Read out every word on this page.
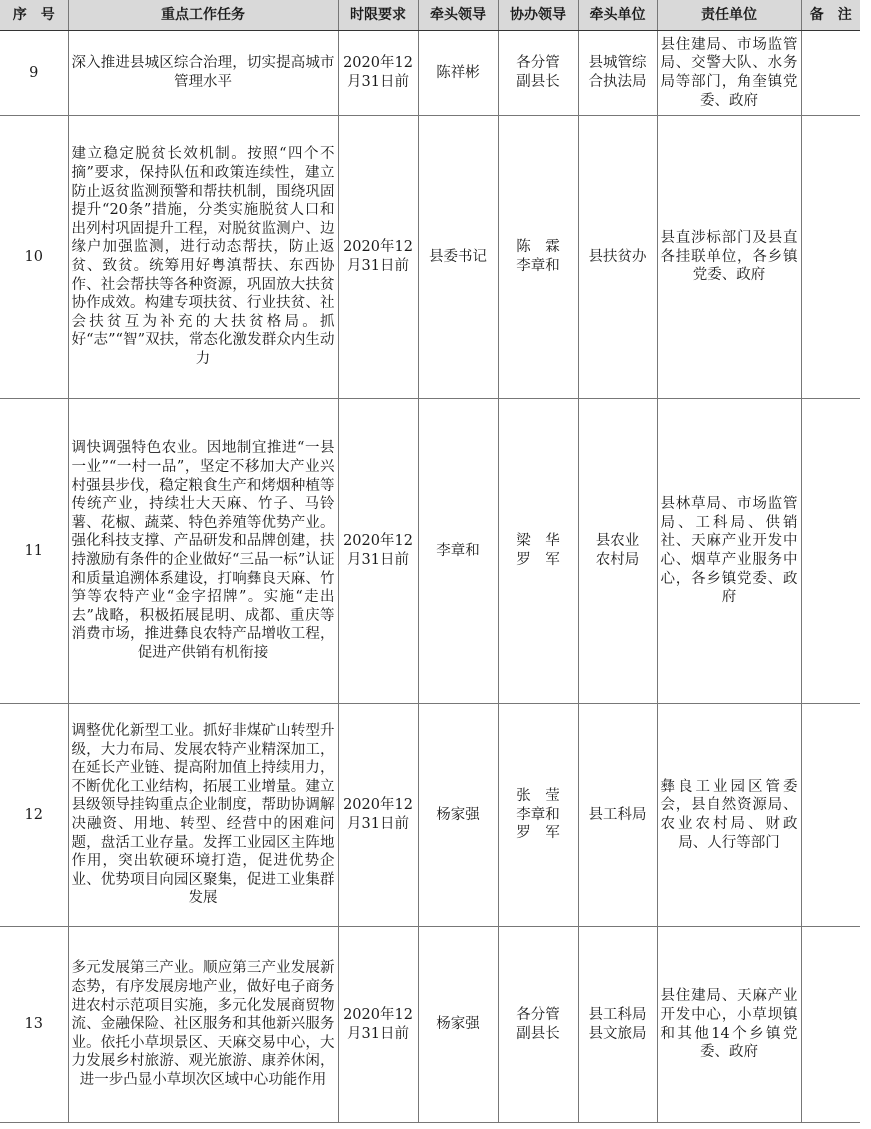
序　号	重点工作任务	时限要求	牵头领导	协办领导	牵头单位	责任单位	备　注
9	深入推进县城区综合治理，切实提高城市管理水平	2020年12
月31日前	陈祥彬	各分管
副县长	县城管综
合执法局	县住建局、市场监管局、交警大队、水务局等部门，角奎镇党委、政府	
10	建立稳定脱贫长效机制。按照“四个不摘”要求，保持队伍和政策连续性，建立防止返贫监测预警和帮扶机制，围绕巩固提升“20条”措施，分类实施脱贫人口和出列村巩固提升工程，对脱贫监测户、边缘户加强监测，进行动态帮扶，防止返贫、致贫。统筹用好粤滇帮扶、东西协作、社会帮扶等各种资源，巩固放大扶贫协作成效。构建专项扶贫、行业扶贫、社会扶贫互为补充的大扶贫格局。抓好“志”“智”双扶，常态化激发群众内生动力	2020年12
月31日前	县委书记	陈　霖
李章和	县扶贫办	县直涉标部门及县直各挂联单位，各乡镇党委、政府	
11	调快调强特色农业。因地制宜推进“一县一业”“一村一品”，坚定不移加大产业兴村强县步伐，稳定粮食生产和烤烟种植等传统产业，持续壮大天麻、竹子、马铃薯、花椒、蔬菜、特色养殖等优势产业。强化科技支撑、产品研发和品牌创建，扶持激励有条件的企业做好“三品一标”认证和质量追溯体系建设，打响彝良天麻、竹笋等农特产业“金字招牌”。实施“走出去”战略，积极拓展昆明、成都、重庆等消费市场，推进彝良农特产品增收工程，促进产供销有机衔接	2020年12
月31日前	李章和	梁　华
罗　军	县农业
农村局	县林草局、市场监管局、工科局、供销社、天麻产业开发中心、烟草产业服务中心，各乡镇党委、政府	
12	调整优化新型工业。抓好非煤矿山转型升级，大力布局、发展农特产业精深加工，在延长产业链、提高附加值上持续用力，不断优化工业结构，拓展工业增量。建立县级领导挂钩重点企业制度，帮助协调解决融资、用地、转型、经营中的困难问题，盘活工业存量。发挥工业园区主阵地作用，突出软硬环境打造，促进优势企业、优势项目向园区聚集，促进工业集群发展	2020年12
月31日前	杨家强	张　莹
李章和
罗　军	县工科局	彝良工业园区管委会，县自然资源局、农业农村局、财政局、人行等部门	
13	多元发展第三产业。顺应第三产业发展新态势，有序发展房地产业，做好电子商务进农村示范项目实施，多元化发展商贸物流、金融保险、社区服务和其他新兴服务业。依托小草坝景区、天麻交易中心，大力发展乡村旅游、观光旅游、康养休闲，进一步凸显小草坝次区域中心功能作用	2020年12
月31日前	杨家强	各分管
副县长	县工科局
县文旅局	县住建局、天麻产业开发中心，小草坝镇和其他14个乡镇党委、政府	
